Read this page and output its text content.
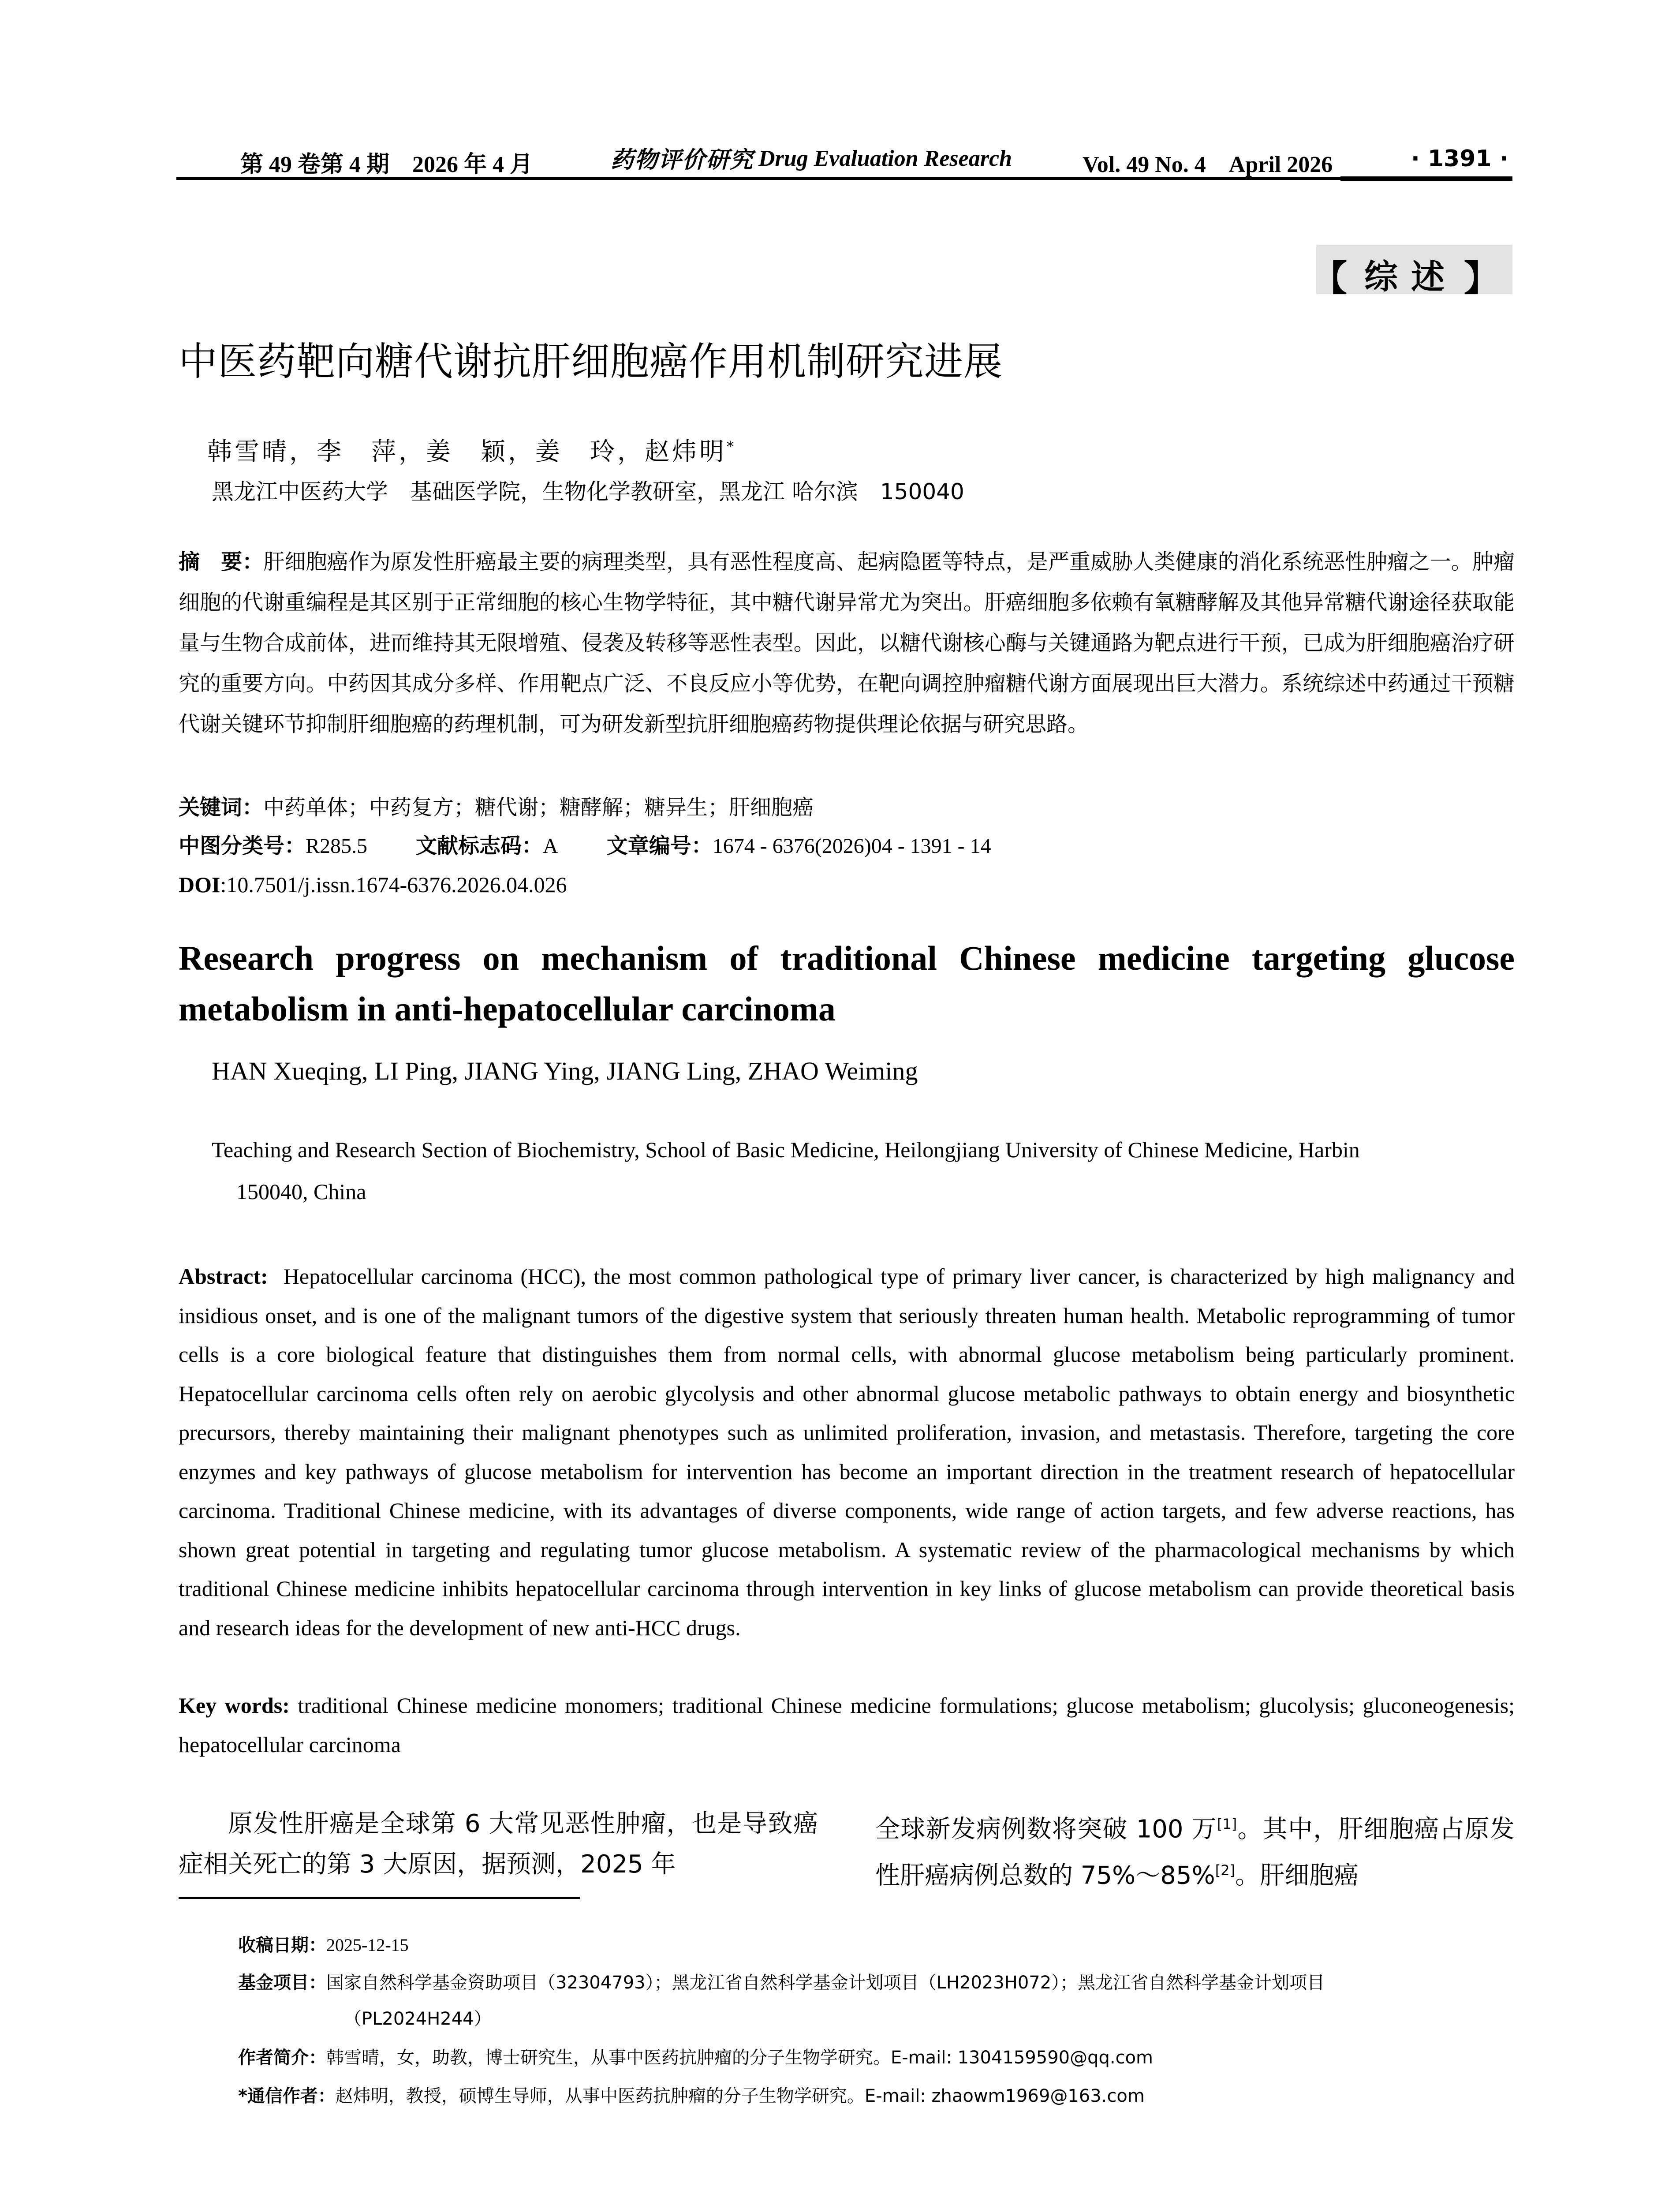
第 49 卷第 4 期　2026 年 4 月	药物评价研究 Drug Evaluation Research	Vol. 49 No. 4　April 2026	· 1391 ·
【 综述 】
中医药靶向糖代谢抗肝细胞癌作用机制研究进展
韩雪晴，李　萍，姜　颖，姜　玲，赵炜明*
黑龙江中医药大学　基础医学院，生物化学教研室，黑龙江 哈尔滨　150040
摘　要：肝细胞癌作为原发性肝癌最主要的病理类型，具有恶性程度高、起病隐匿等特点，是严重威胁人类健康的消化系统恶性肿瘤之一。肿瘤细胞的代谢重编程是其区别于正常细胞的核心生物学特征，其中糖代谢异常尤为突出。肝癌细胞多依赖有氧糖酵解及其他异常糖代谢途径获取能量与生物合成前体，进而维持其无限增殖、侵袭及转移等恶性表型。因此，以糖代谢核心酶与关键通路为靶点进行干预，已成为肝细胞癌治疗研究的重要方向。中药因其成分多样、作用靶点广泛、不良反应小等优势，在靶向调控肿瘤糖代谢方面展现出巨大潜力。系统综述中药通过干预糖代谢关键环节抑制肝细胞癌的药理机制，可为研发新型抗肝细胞癌药物提供理论依据与研究思路。
关键词：中药单体；中药复方；糖代谢；糖酵解；糖异生；肝细胞癌
中图分类号：R285.5 文献标志码：A 文章编号：1674 - 6376(2026)04 - 1391 - 14
DOI:10.7501/j.issn.1674-6376.2026.04.026
Research progress on mechanism of traditional Chinese medicine targeting glucose metabolism in anti-hepatocellular carcinoma
HAN Xueqing, LI Ping, JIANG Ying, JIANG Ling, ZHAO Weiming
Teaching and Research Section of Biochemistry, School of Basic Medicine, Heilongjiang University of Chinese Medicine, Harbin
150040, China
Abstract: Hepatocellular carcinoma (HCC), the most common pathological type of primary liver cancer, is characterized by high malignancy and insidious onset, and is one of the malignant tumors of the digestive system that seriously threaten human health. Metabolic reprogramming of tumor cells is a core biological feature that distinguishes them from normal cells, with abnormal glucose metabolism being particularly prominent. Hepatocellular carcinoma cells often rely on aerobic glycolysis and other abnormal glucose metabolic pathways to obtain energy and biosynthetic precursors, thereby maintaining their malignant phenotypes such as unlimited proliferation, invasion, and metastasis. Therefore, targeting the core enzymes and key pathways of glucose metabolism for intervention has become an important direction in the treatment research of hepatocellular carcinoma. Traditional Chinese medicine, with its advantages of diverse components, wide range of action targets, and few adverse reactions, has shown great potential in targeting and regulating tumor glucose metabolism. A systematic review of the pharmacological mechanisms by which traditional Chinese medicine inhibits hepatocellular carcinoma through intervention in key links of glucose metabolism can provide theoretical basis and research ideas for the development of new anti-HCC drugs.
Key words: traditional Chinese medicine monomers; traditional Chinese medicine formulations; glucose metabolism; glucolysis; gluconeogenesis; hepatocellular carcinoma
原发性肝癌是全球第 6 大常见恶性肿瘤，也是导致癌症相关死亡的第 3 大原因，据预测，2025 年
全球新发病例数将突破 100 万[1]。其中，肝细胞癌占原发性肝癌病例总数的 75%～85%[2]。肝细胞癌
收稿日期：2025-12-15
基金项目：国家自然科学基金资助项目（32304793）；黑龙江省自然科学基金计划项目（LH2023H072）；黑龙江省自然科学基金计划项目
（PL2024H244）
作者简介：韩雪晴，女，助教，博士研究生，从事中医药抗肿瘤的分子生物学研究。E-mail: 1304159590@qq.com
*通信作者：赵炜明，教授，硕博生导师，从事中医药抗肿瘤的分子生物学研究。E-mail: zhaowm1969@163.com
